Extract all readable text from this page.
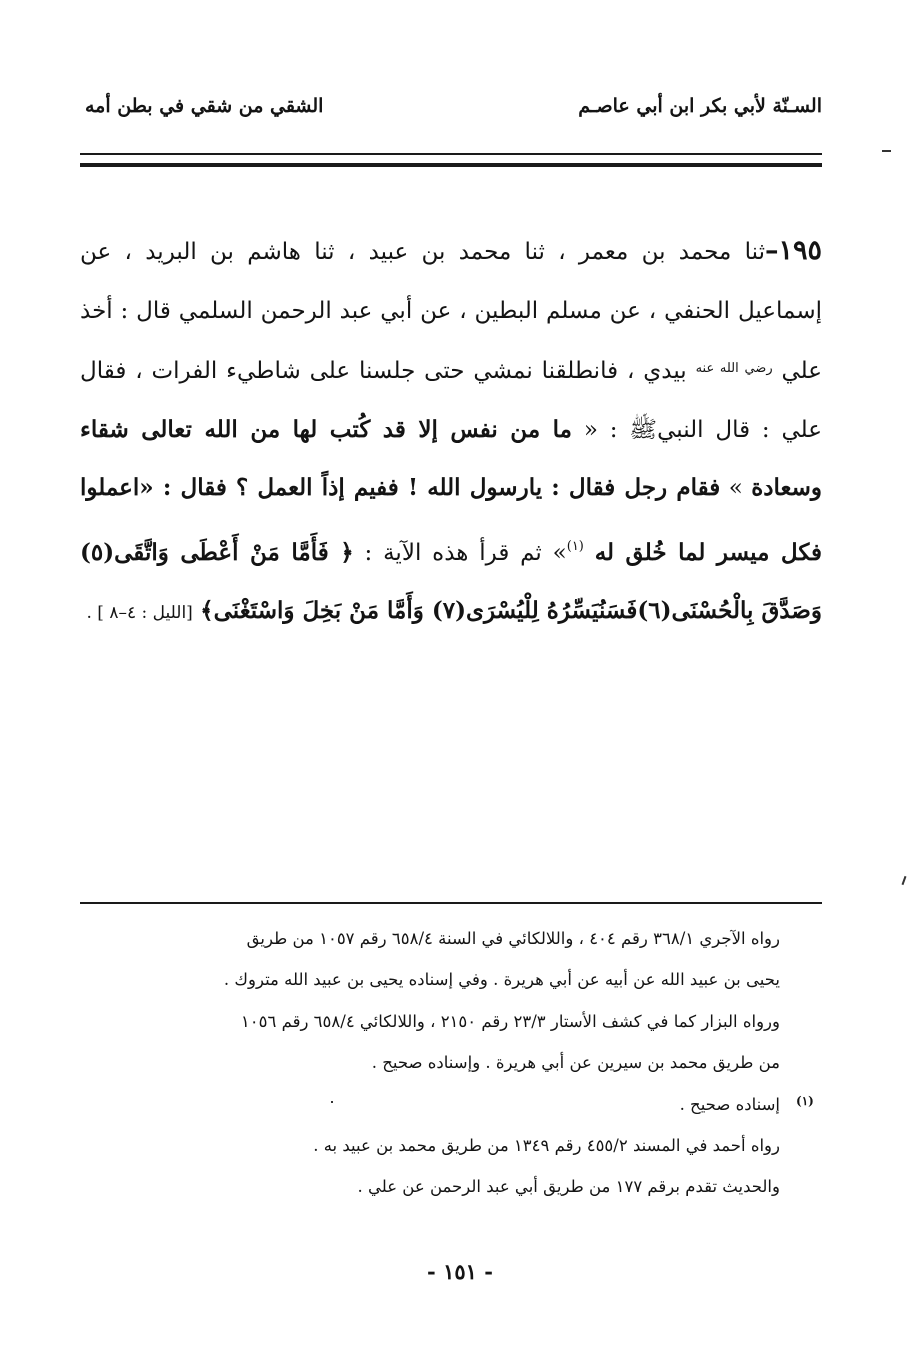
السـنّة لأبي بكر ابن أبي عاصـم
الشقي من شقي في بطن أمه
١٩٥–ثنا محمد بن معمر ، ثنا محمد بن عبيد ، ثنا هاشم بن البريد ، عن إسماعيل الحنفي ، عن مسلم البطين ، عن أبي عبد الرحمن السلمي قال : أخذ علي $^{رضي الله عنه}$ بيدي ، فانطلقنا نمشي حتى جلسنا على شاطيء الفرات ، فقال علي : قال النبيﷺ : « ما من نفس إلا قد كُتب لها من الله تعالى شقاء وسعادة » فقام رجل فقال : يارسول الله ! ففيم إذاً العمل ؟ فقال : «اعملوا فكل ميسر لما خُلق له $^{(١)}$» ثم قرأ هذه الآية : ﴿ فَأَمَّا مَنْ أَعْطَى وَاتَّقَى(٥) وَصَدَّقَ بِالْحُسْنَى(٦)فَسَنُيَسِّرُهُ لِلْيُسْرَى(٧) وَأَمَّا مَنْ بَخِلَ وَاسْتَغْنَى﴾ [الليل : ٤–٨ ] .
(١)
رواه الآجري ٣٦٨/١ رقم ٤٠٤ ، واللالكائي في السنة ٦٥٨/٤ رقم ١٠٥٧ من طريق
يحيى بن عبيد الله عن أبيه عن أبي هريرة . وفي إسناده يحيى بن عبيد الله متروك .
ورواه البزار كما في كشف الأستار ٢٣/٣ رقم ٢١٥٠ ، واللالكائي ٦٥٨/٤ رقم ١٠٥٦
من طريق محمد بن سيرين عن أبي هريرة . وإسناده صحيح .
إسناده صحيح .
رواه أحمد في المسند ٤٥٥/٢ رقم ١٣٤٩ من طريق محمد بن عبيد به .
والحديث تقدم برقم ١٧٧ من طريق أبي عبد الرحمن عن علي .
- ١٥١ -
